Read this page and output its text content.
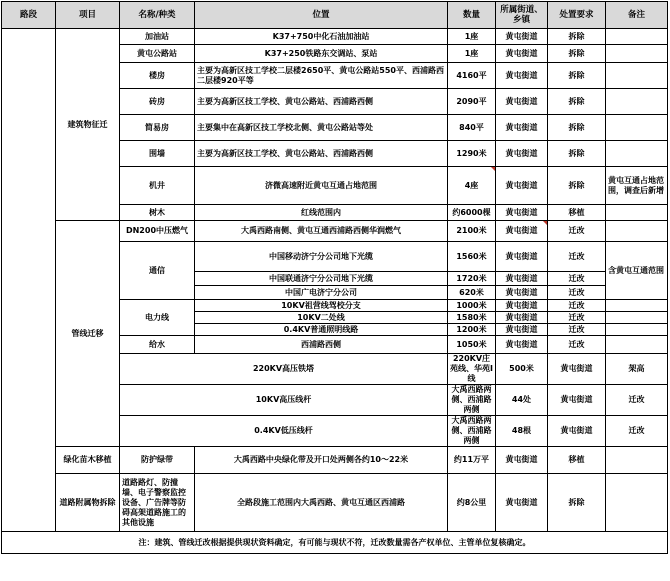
路段	项目	名称/种类	位置	数量	所属街道、乡镇	处置要求	备注	
	建筑物征迁	加油站	K37+750中化石油加油站	1座	黄屯街道	拆除		
		黄屯公路站	K37+250铁路东交调站、泵站	1座	黄屯街道	拆除		
		楼房	主要为高新区技工学校二层楼2650平、黄屯公路站550平、西浦路西二层楼920平等	4160平	黄屯街道	拆除		
		砖房	主要为高新区技工学校、黄屯公路站、西浦路西侧	2090平	黄屯街道	拆除		
		简易房	主要集中在高新区技工学校北侧、黄屯公路站等处	840平	黄屯街道	拆除		
		围墙	主要为高新区技工学校、黄屯公路站、西浦路西侧	1290米	黄屯街道	拆除		
		机井	济微高速附近黄屯互通占地范围	4座	黄屯街道	拆除	黄屯互通占地范围，调查后新增	
		树木	红线范围内	约6000棵	黄屯街道	移植		
	管线迁移	DN200中压燃气	大禹西路南侧、黄屯互通西浦路西侧华润燃气	2100米	黄屯街道	迁改		
		通信	中国移动济宁分公司地下光缆	1560米	黄屯街道	迁改	含黄屯互通范围	
			中国联通济宁分公司地下光缆	1720米	黄屯街道	迁改		
			中国广电济宁分公司	620米	黄屯街道	迁改		
		电力线	10KV祖营线驾校分支	1000米	黄屯街道	迁改		
			10KV二处线	1580米	黄屯街道	迁改		
			0.4KV普通照明线路	1200米	黄屯街道	迁改		
		给水	西浦路西侧	1050米	黄屯街道	迁改		
		220KV高压铁塔		220KV庄苑线、华苑Ⅰ线	500米	黄屯街道	架高	
		10KV高压线杆		大禹西路两侧、西浦路两侧	44处	黄屯街道	迁改	
		0.4KV低压线杆		大禹西路两侧、西浦路两侧	48根	黄屯街道	迁改	
	绿化苗木移植	防护绿带	大禹西路中央绿化带及开口处两侧各约10～22米	约11万平	黄屯街道	移植		
	道路附属物拆除	道路路灯、防撞墙、电子警察监控设备、广告牌等防碍高架道路施工的其他设施	全路段施工范围内大禹西路、黄屯互通区西浦路	约8公里	黄屯街道	拆除		
注：建筑、管线迁改根据提供现状资料确定，有可能与现状不符，迁改数量需各产权单位、主管单位复核确定。								
